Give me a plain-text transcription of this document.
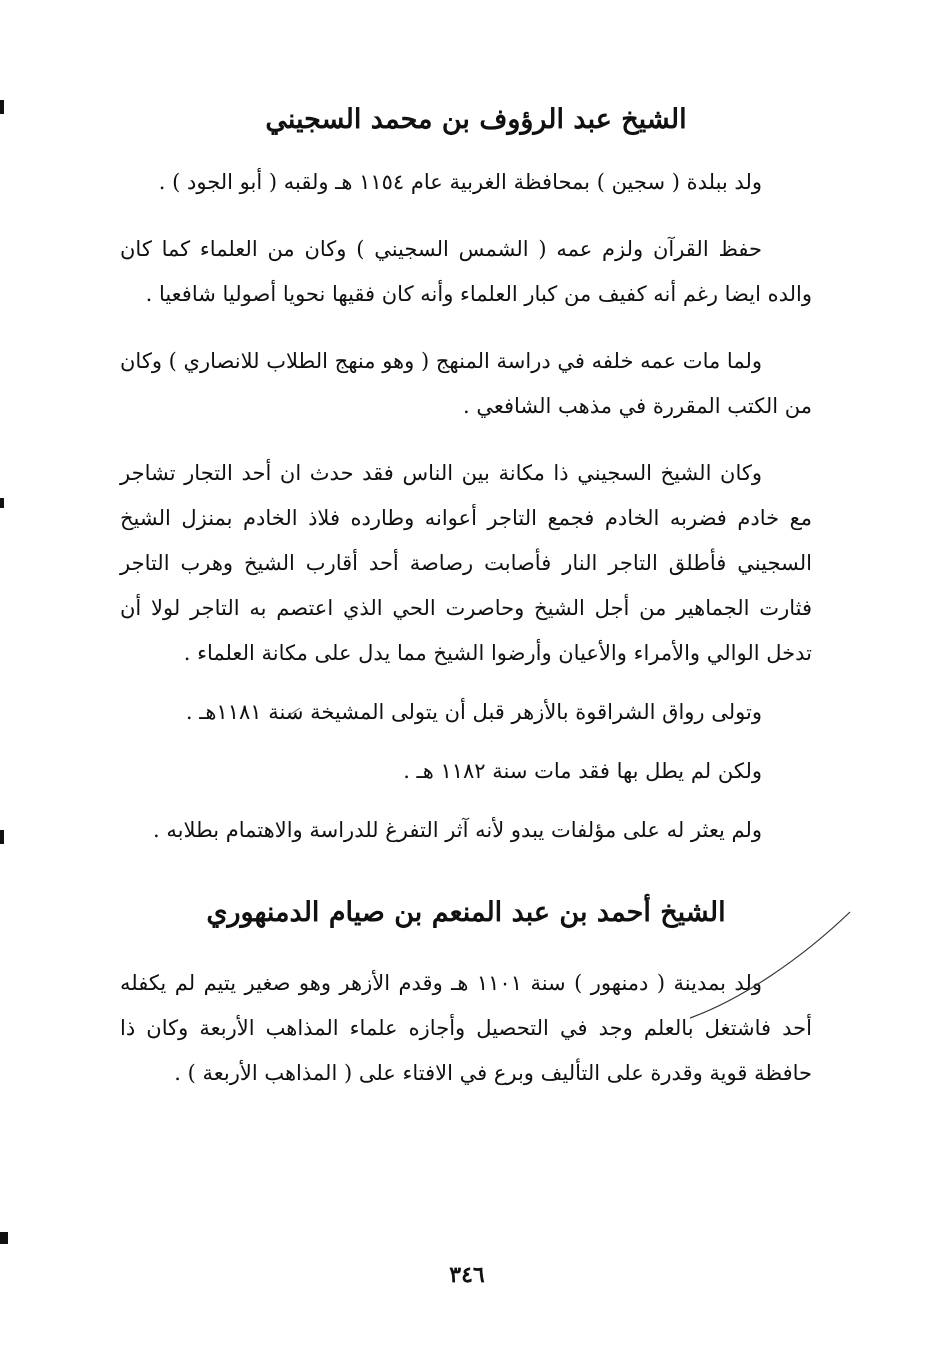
الشيخ عبد الرؤوف بن محمد السجيني

ولد ببلدة ( سجين ) بمحافظة الغربية عام ١١٥٤ هـ ولقبه ( أبو الجود ) .

حفظ القرآن ولزم عمه ( الشمس السجيني ) وكان من العلماء كما كان والده ايضا رغم أنه كفيف من كبار العلماء وأنه كان فقيها نحويا أصوليا شافعيا .

ولما مات عمه خلفه في دراسة المنهج ( وهو منهج الطلاب للانصاري ) وكان من الكتب المقررة في مذهب الشافعي .

وكان الشيخ السجيني ذا مكانة بين الناس فقد حدث ان أحد التجار تشاجر مع خادم فضربه الخادم فجمع التاجر أعوانه وطارده فلاذ الخادم بمنزل الشيخ السجيني فأطلق التاجر النار فأصابت رصاصة أحد أقارب الشيخ وهرب التاجر فثارت الجماهير من أجل الشيخ وحاصرت الحي الذي اعتصم به التاجر لولا أن تدخل الوالي والأمراء والأعيان وأرضوا الشيخ مما يدل على مكانة العلماء .

وتولى رواق الشراقوة بالأزهر قبل أن يتولى المشيخة سنة ١١٨١هـ .

ولكن لم يطل بها فقد مات سنة ١١٨٢ هـ .

ولم يعثر له على مؤلفات يبدو لأنه آثر التفرغ للدراسة والاهتمام بطلابه .

الشيخ أحمد بن عبد المنعم بن صيام الدمنهوري

ولد بمدينة ( دمنهور ) سنة ١١٠١ هـ وقدم الأزهر وهو صغير يتيم لم يكفله أحد فاشتغل بالعلم وجد في التحصيل وأجازه علماء المذاهب الأربعة وكان ذا حافظة قوية وقدرة على التأليف وبرع في الافتاء على ( المذاهب الأربعة ) .

٣٤٦
